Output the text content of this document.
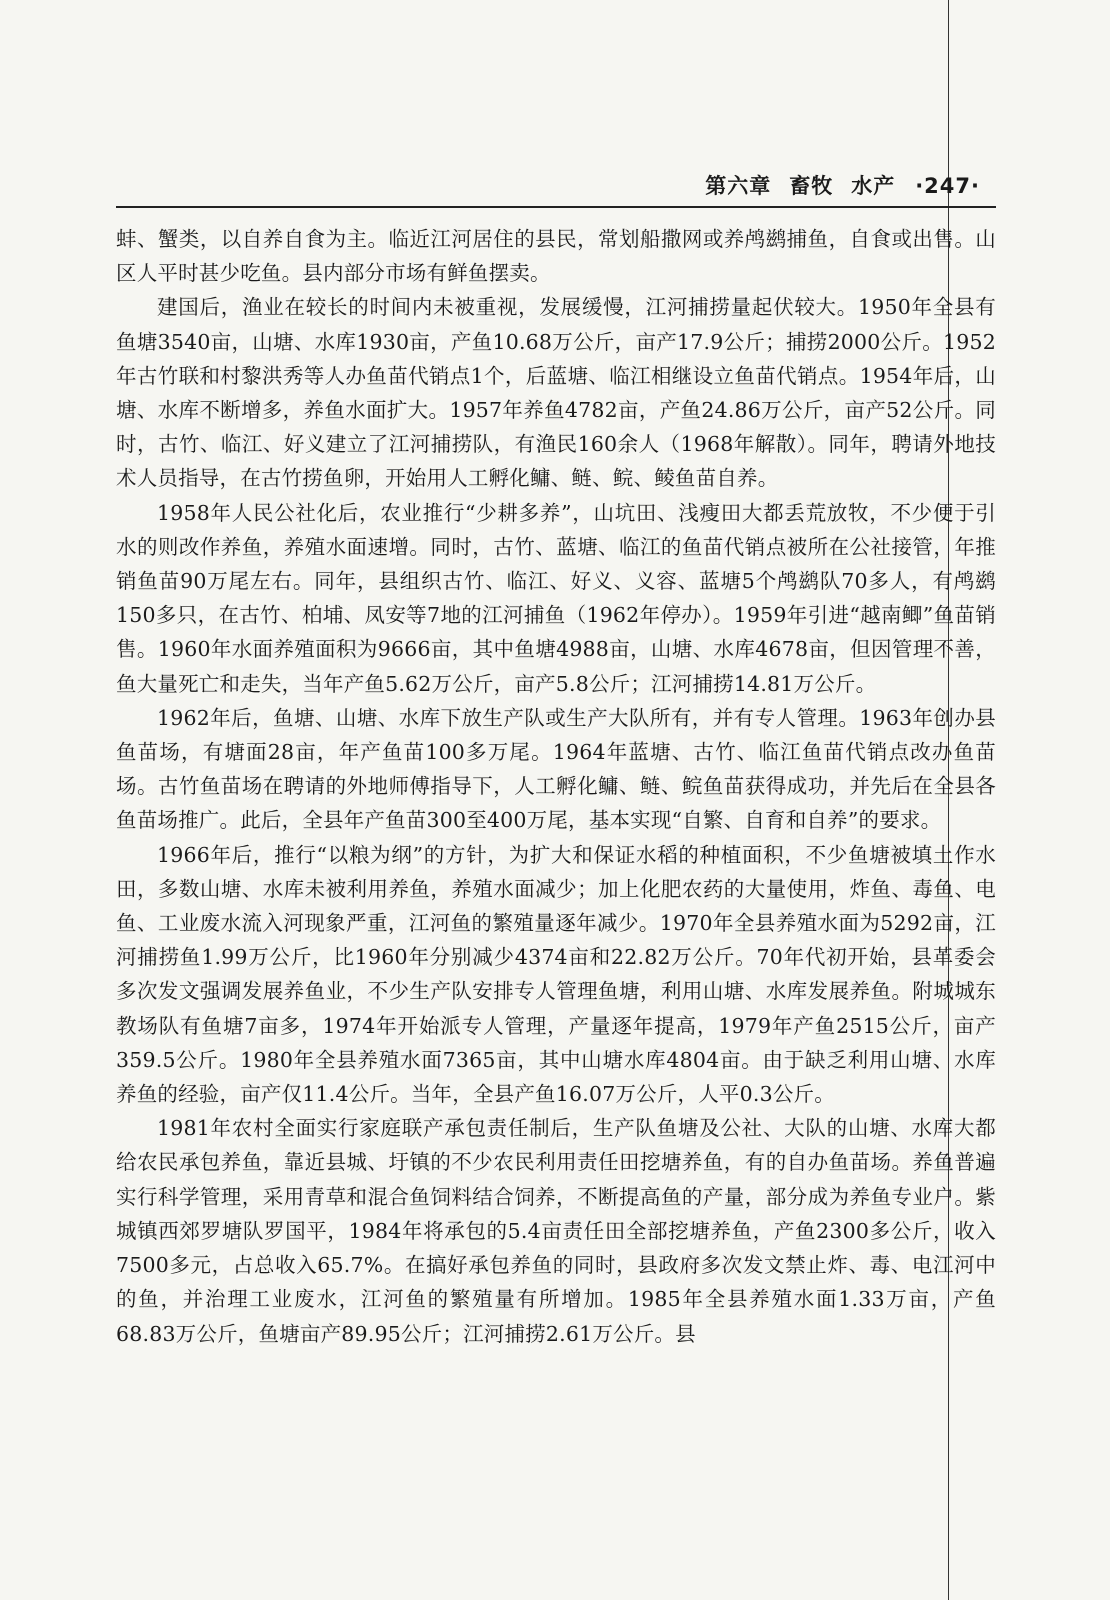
第六章 畜牧 水产 ·247·

蚌、蟹类，以自养自食为主。临近江河居住的县民，常划船撒网或养鸬鹚捕鱼，自食或出售。山区人平时甚少吃鱼。县内部分市场有鲜鱼摆卖。

建国后，渔业在较长的时间内未被重视，发展缓慢，江河捕捞量起伏较大。1950年全县有鱼塘3540亩，山塘、水库1930亩，产鱼10.68万公斤，亩产17.9公斤；捕捞2000公斤。1952年古竹联和村黎洪秀等人办鱼苗代销点1个，后蓝塘、临江相继设立鱼苗代销点。1954年后，山塘、水库不断增多，养鱼水面扩大。1957年养鱼4782亩，产鱼24.86万公斤，亩产52公斤。同时，古竹、临江、好义建立了江河捕捞队，有渔民160余人（1968年解散）。同年，聘请外地技术人员指导，在古竹捞鱼卵，开始用人工孵化鳙、鲢、鲩、鲮鱼苗自养。

1958年人民公社化后，农业推行“少耕多养”，山坑田、浅瘦田大都丢荒放牧，不少便于引水的则改作养鱼，养殖水面速增。同时，古竹、蓝塘、临江的鱼苗代销点被所在公社接管，年推销鱼苗90万尾左右。同年，县组织古竹、临江、好义、义容、蓝塘5个鸬鹚队70多人，有鸬鹚150多只，在古竹、柏埔、凤安等7地的江河捕鱼（1962年停办）。1959年引进“越南鲫”鱼苗销售。1960年水面养殖面积为9666亩，其中鱼塘4988亩，山塘、水库4678亩，但因管理不善，鱼大量死亡和走失，当年产鱼5.62万公斤，亩产5.8公斤；江河捕捞14.81万公斤。

1962年后，鱼塘、山塘、水库下放生产队或生产大队所有，并有专人管理。1963年创办县鱼苗场，有塘面28亩，年产鱼苗100多万尾。1964年蓝塘、古竹、临江鱼苗代销点改办鱼苗场。古竹鱼苗场在聘请的外地师傅指导下，人工孵化鳙、鲢、鲩鱼苗获得成功，并先后在全县各鱼苗场推广。此后，全县年产鱼苗300至400万尾，基本实现“自繁、自育和自养”的要求。

1966年后，推行“以粮为纲”的方针，为扩大和保证水稻的种植面积，不少鱼塘被填土作水田，多数山塘、水库未被利用养鱼，养殖水面减少；加上化肥农药的大量使用，炸鱼、毒鱼、电鱼、工业废水流入河现象严重，江河鱼的繁殖量逐年减少。1970年全县养殖水面为5292亩，江河捕捞鱼1.99万公斤，比1960年分别减少4374亩和22.82万公斤。70年代初开始，县革委会多次发文强调发展养鱼业，不少生产队安排专人管理鱼塘，利用山塘、水库发展养鱼。附城城东教场队有鱼塘7亩多，1974年开始派专人管理，产量逐年提高，1979年产鱼2515公斤，亩产359.5公斤。1980年全县养殖水面7365亩，其中山塘水库4804亩。由于缺乏利用山塘、水库养鱼的经验，亩产仅11.4公斤。当年，全县产鱼16.07万公斤，人平0.3公斤。

1981年农村全面实行家庭联产承包责任制后，生产队鱼塘及公社、大队的山塘、水库大都给农民承包养鱼，靠近县城、圩镇的不少农民利用责任田挖塘养鱼，有的自办鱼苗场。养鱼普遍实行科学管理，采用青草和混合鱼饲料结合饲养，不断提高鱼的产量，部分成为养鱼专业户。紫城镇西郊罗塘队罗国平，1984年将承包的5.4亩责任田全部挖塘养鱼，产鱼2300多公斤，收入7500多元，占总收入65.7%。在搞好承包养鱼的同时，县政府多次发文禁止炸、毒、电江河中的鱼，并治理工业废水，江河鱼的繁殖量有所增加。1985年全县养殖水面1.33万亩，产鱼68.83万公斤，鱼塘亩产89.95公斤；江河捕捞2.61万公斤。县
